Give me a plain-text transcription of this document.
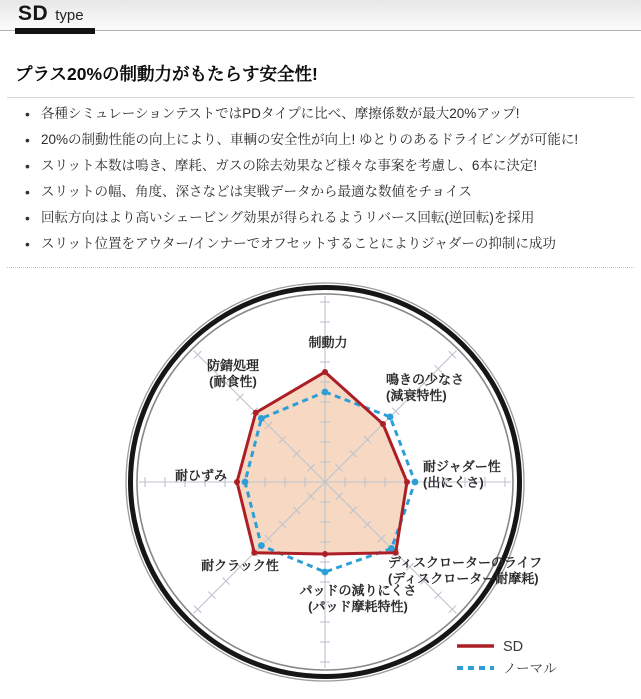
SD type
プラス20%の制動力がもたらす安全性!
• 各種シミュレーションテストではPDタイプに比べ、摩擦係数が最大20%アップ!
• 20%の制動性能の向上により、車輌の安全性が向上! ゆとりのあるドライビングが可能に!
• スリット本数は鳴き、摩耗、ガスの除去効果など様々な事案を考慮し、6本に決定!
• スリットの幅、角度、深さなどは実戦データから最適な数値をチョイス
• 回転方向はより高いシェービング効果が得られるようリバース回転(逆回転)を採用
• スリット位置をアウター/インナーでオフセットすることによりジャダーの抑制に成功
制動力
鳴きの少なさ
(減衰特性)
耐ジャダー性
(出にくさ)
ディスクローターのライフ
(ディスクローター耐摩耗)
パッドの減りにくさ
(パッド摩耗特性)
耐クラック性
耐ひずみ
防錆処理
(耐食性)
SD
ノーマル
